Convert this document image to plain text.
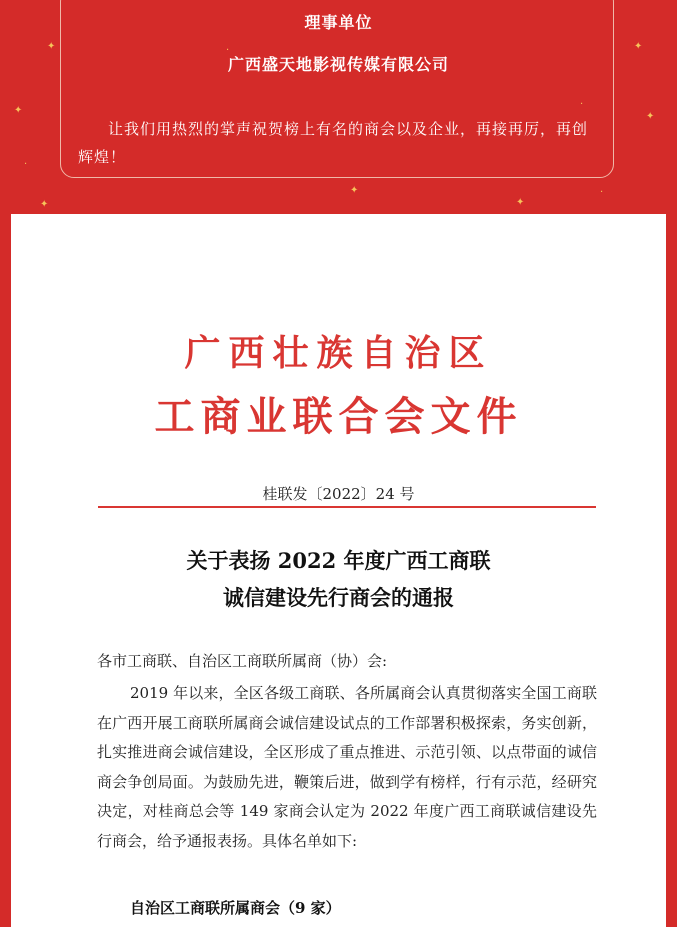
✦
✦
·
✦
✦
✦
✦
✦
·
·
·
理事单位
广西盛天地影视传媒有限公司
让我们用热烈的掌声祝贺榜上有名的商会以及企业，再接再厉，再创辉煌！
广西壮族自治区
工商业联合会文件
桂联发〔2022〕24 号
关于表扬 2022 年度广西工商联
诚信建设先行商会的通报
各市工商联、自治区工商联所属商（协）会:
2019 年以来，全区各级工商联、各所属商会认真贯彻落实全国工商联在广西开展工商联所属商会诚信建设试点的工作部署积极探索，务实创新，扎实推进商会诚信建设，全区形成了重点推进、示范引领、以点带面的诚信商会争创局面。为鼓励先进，鞭策后进，做到学有榜样，行有示范，经研究决定，对桂商总会等 149 家商会认定为 2022 年度广西工商联诚信建设先行商会，给予通报表扬。具体名单如下:
自治区工商联所属商会（9 家）
